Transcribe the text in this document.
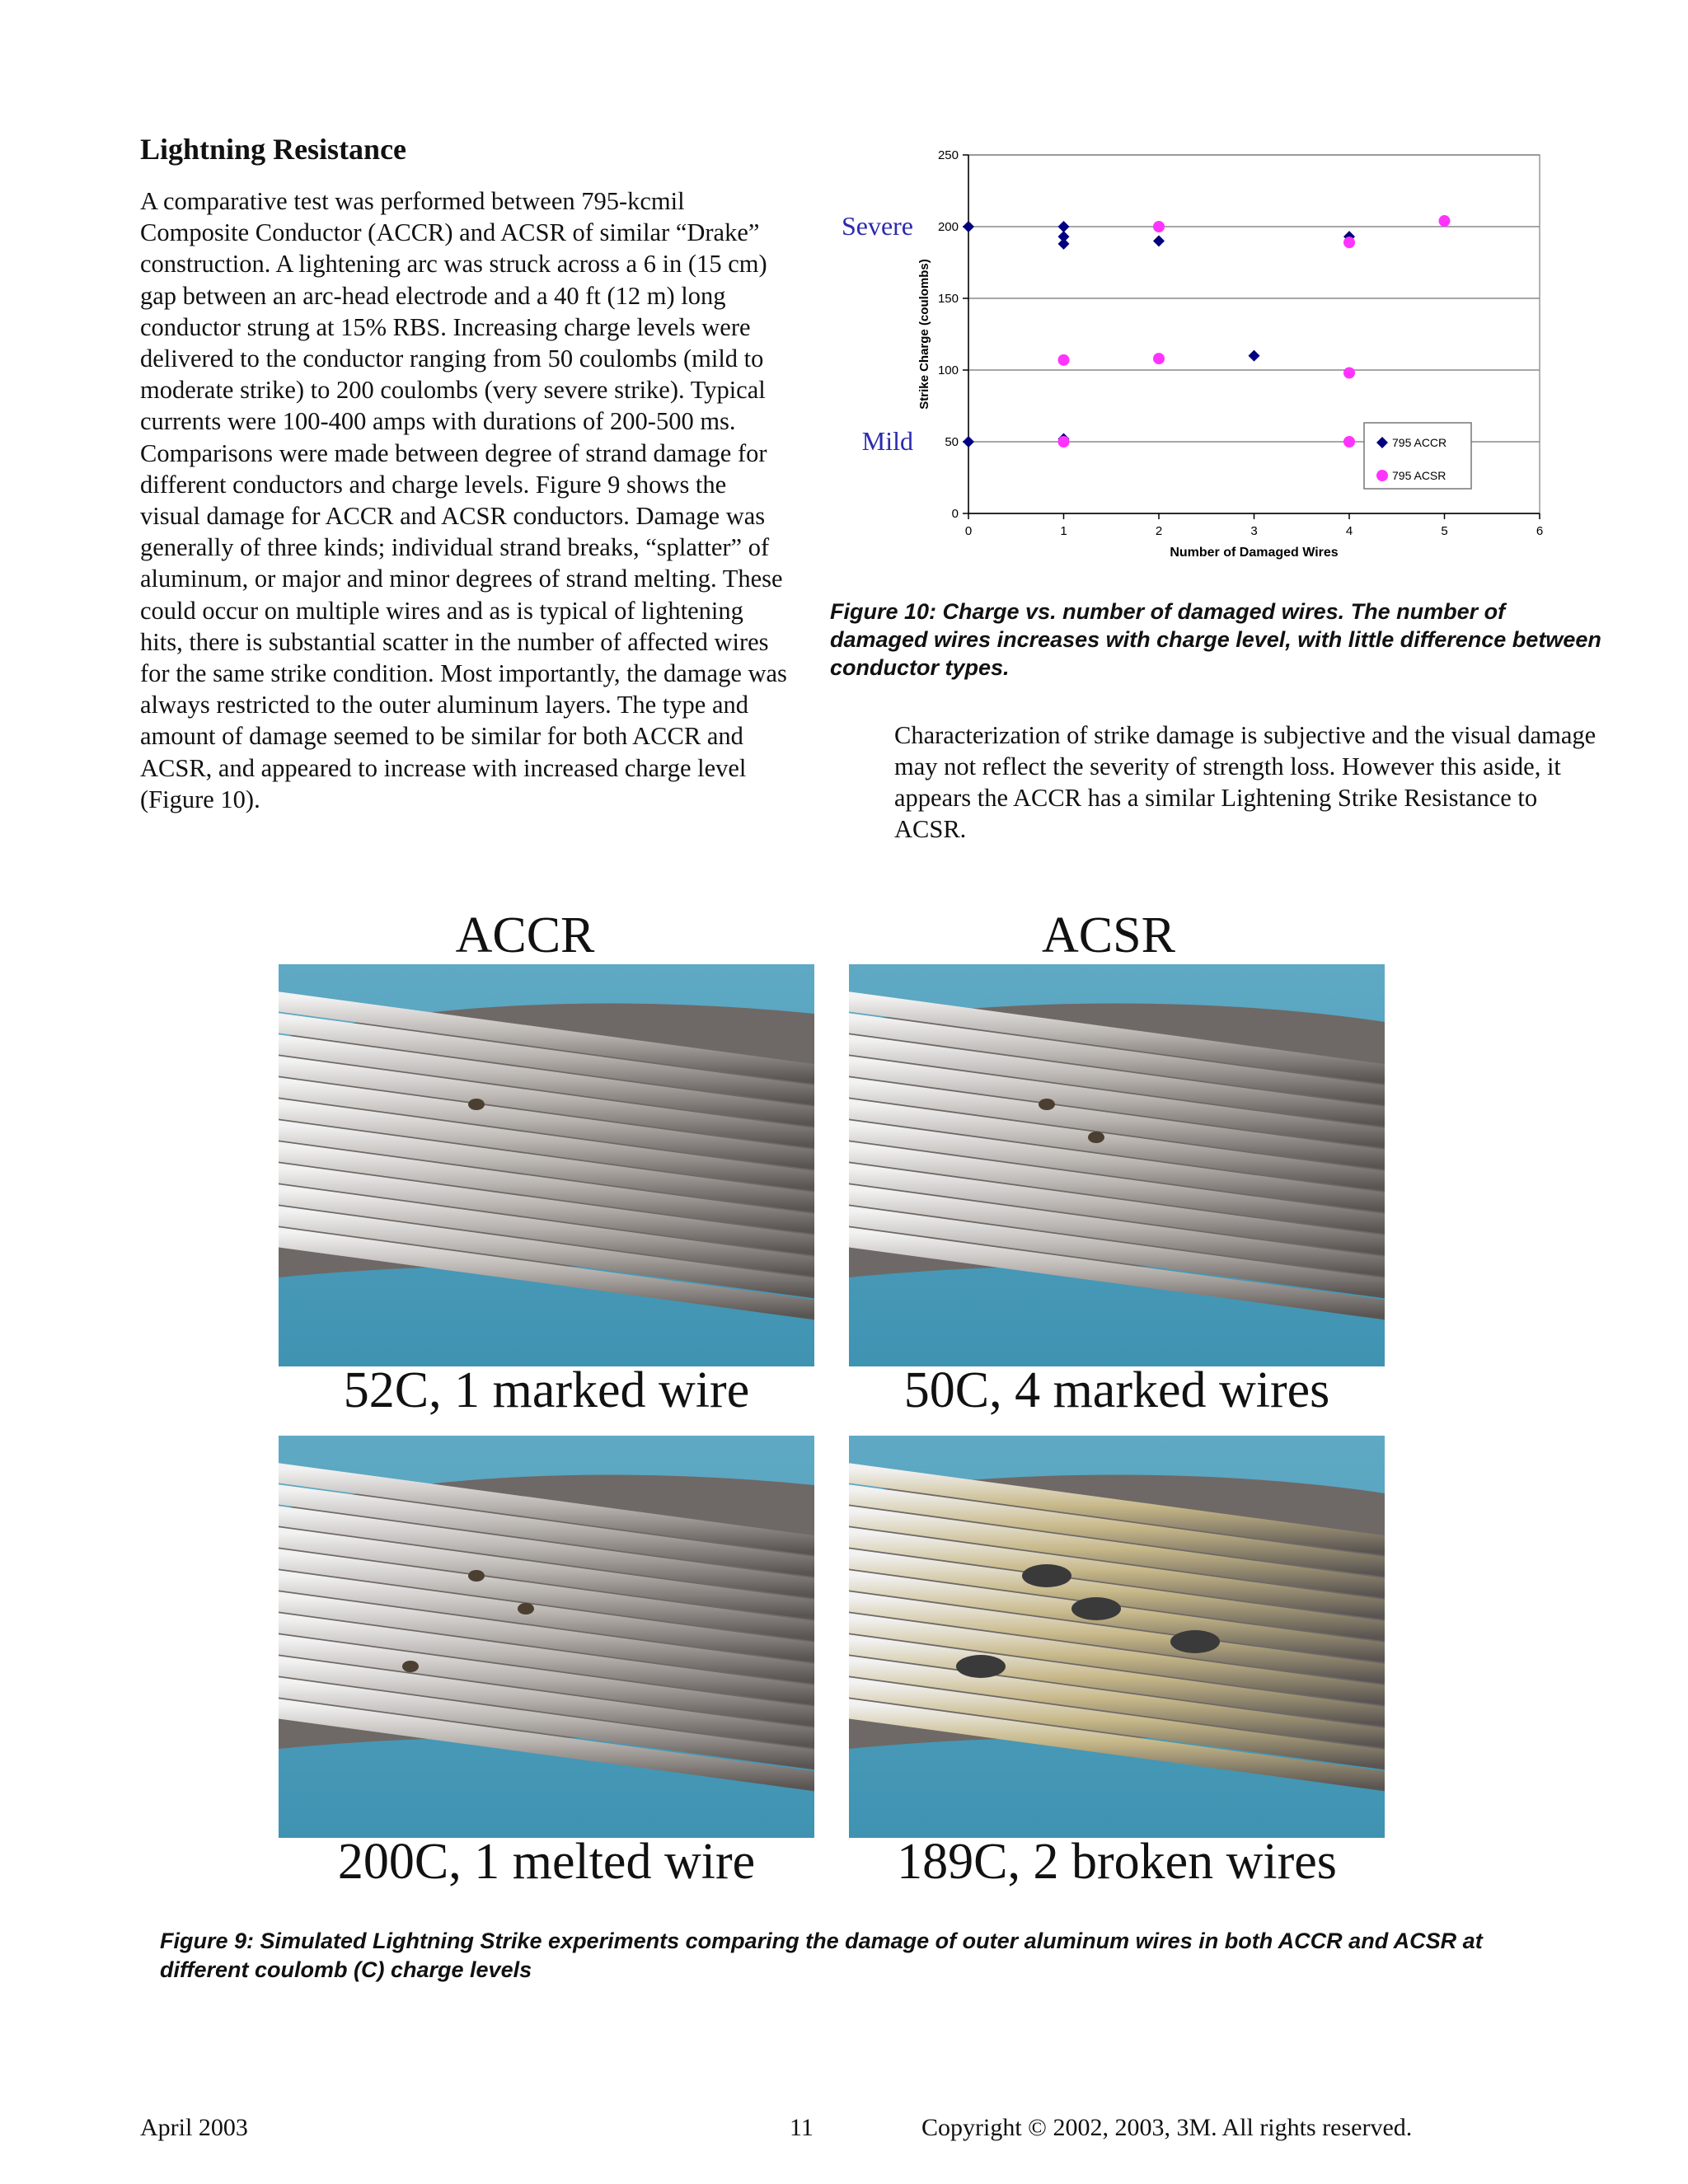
Lightning Resistance

A comparative test was performed between 795-kcmil Composite Conductor (ACCR) and ACSR of similar “Drake” construction. A lightening arc was struck across a 6 in (15 cm) gap between an arc-head electrode and a 40 ft (12 m) long conductor strung at 15% RBS. Increasing charge levels were delivered to the conductor ranging from 50 coulombs (mild to moderate strike) to 200 coulombs (very severe strike). Typical currents were 100-400 amps with durations of 200-500 ms. Comparisons were made between degree of strand damage for different conductors and charge levels. Figure 9 shows the visual damage for ACCR and ACSR conductors. Damage was generally of three kinds; individual strand breaks, “splatter” of aluminum, or major and minor degrees of strand melting. These could occur on multiple wires and as is typical of lightening hits, there is substantial scatter in the number of affected wires for the same strike condition. Most importantly, the damage was always restricted to the outer aluminum layers. The type and amount of damage seemed to be similar for both ACCR and ACSR, and appeared to increase with increased charge level (Figure 10).

0
50
100
150
200
250
0	1	2	3	4	5	6
Number of Damaged Wires
Strike Charge (coulombs)
Severe
Mild	795 ACCR
795 ACSR

Figure 10: Charge vs. number of damaged wires. The number of damaged wires increases with charge level, with little difference between conductor types.

Characterization of strike damage is subjective and the visual damage may not reflect the severity of strength loss. However this aside, it appears the ACCR has a similar Lightening Strike Resistance to ACSR.

ACCR	ACSR
52C, 1 marked wire	50C, 4 marked wires
200C, 1 melted wire	189C, 2 broken wires

Figure 9: Simulated Lightning Strike experiments comparing the damage of outer aluminum wires in both ACCR and ACSR at different coulomb (C) charge levels

April 2003	11	Copyright © 2002, 2003, 3M. All rights reserved.
